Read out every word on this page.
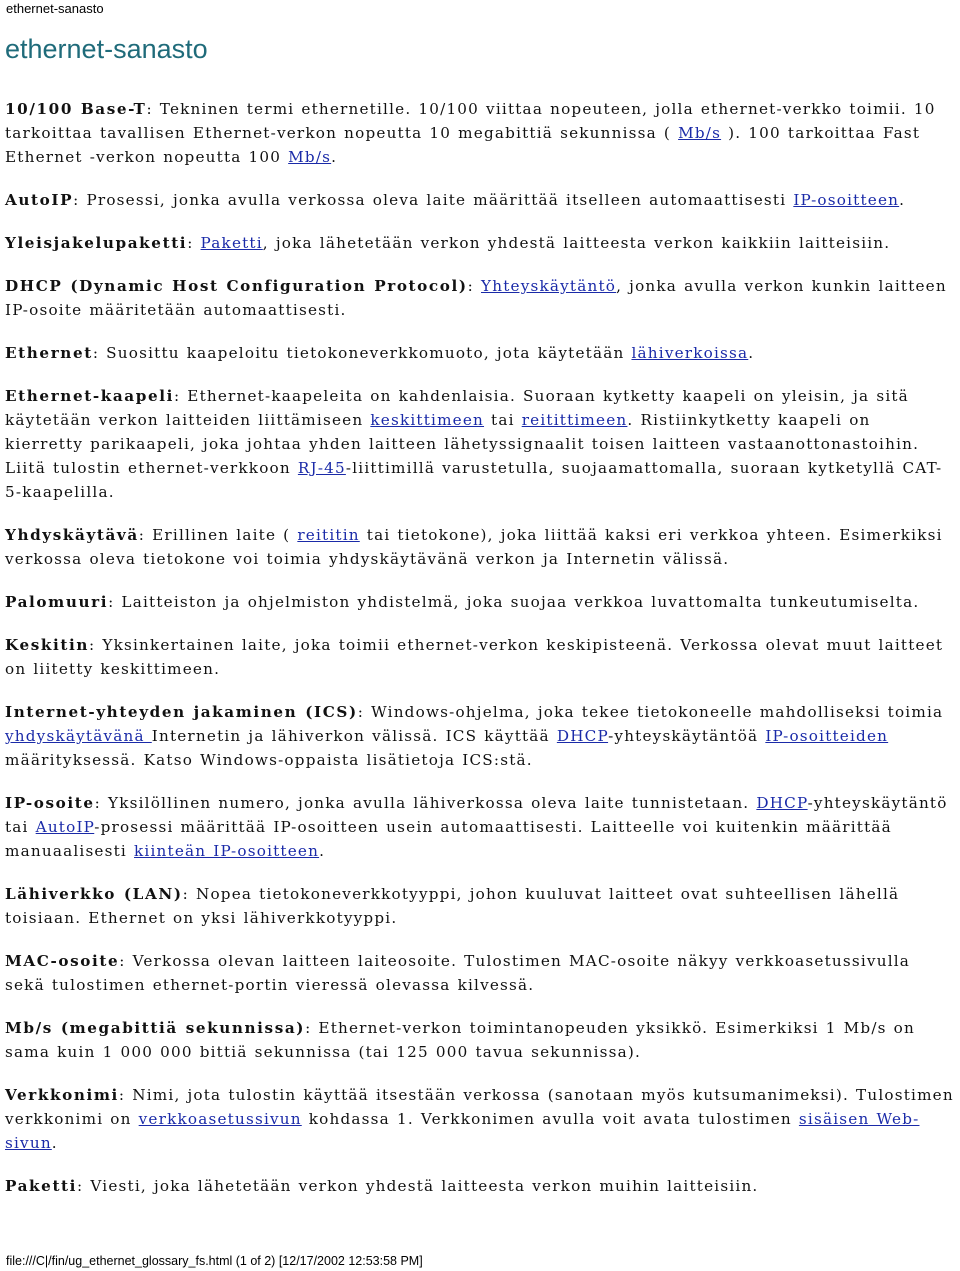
ethernet-sanasto
ethernet-sanasto

10/100 Base-T: Tekninen termi ethernetille. 10/100 viittaa nopeuteen, jolla ethernet-verkko toimii. 10 tarkoittaa tavallisen Ethernet-verkon nopeutta 10 megabittiä sekunnissa ( Mb/s ). 100 tarkoittaa Fast Ethernet -verkon nopeutta 100 Mb/s.

AutoIP: Prosessi, jonka avulla verkossa oleva laite määrittää itselleen automaattisesti IP-osoitteen.

Yleisjakelupaketti: Paketti, joka lähetetään verkon yhdestä laitteesta verkon kaikkiin laitteisiin.

DHCP (Dynamic Host Configuration Protocol): Yhteyskäytäntö, jonka avulla verkon kunkin laitteen IP-osoite määritetään automaattisesti.

Ethernet: Suosittu kaapeloitu tietokoneverkkomuoto, jota käytetään lähiverkoissa.

Ethernet-kaapeli: Ethernet-kaapeleita on kahdenlaisia. Suoraan kytketty kaapeli on yleisin, ja sitä käytetään verkon laitteiden liittämiseen keskittimeen tai reitittimeen. Ristiinkytketty kaapeli on kierretty parikaapeli, joka johtaa yhden laitteen lähetyssignaalit toisen laitteen vastaanottonastoihin. Liitä tulostin ethernet-verkkoon RJ-45-liittimillä varustetulla, suojaamattomalla, suoraan kytketyllä CAT-5-kaapelilla.

Yhdyskäytävä: Erillinen laite ( reititin tai tietokone), joka liittää kaksi eri verkkoa yhteen. Esimerkiksi verkossa oleva tietokone voi toimia yhdyskäytävänä verkon ja Internetin välissä.

Palomuuri: Laitteiston ja ohjelmiston yhdistelmä, joka suojaa verkkoa luvattomalta tunkeutumiselta.

Keskitin: Yksinkertainen laite, joka toimii ethernet-verkon keskipisteenä. Verkossa olevat muut laitteet on liitetty keskittimeen.

Internet-yhteyden jakaminen (ICS): Windows-ohjelma, joka tekee tietokoneelle mahdolliseksi toimia yhdyskäytävänä Internetin ja lähiverkon välissä. ICS käyttää DHCP-yhteyskäytäntöä IP-osoitteiden määrityksessä. Katso Windows-oppaista lisätietoja ICS:stä.

IP-osoite: Yksilöllinen numero, jonka avulla lähiverkossa oleva laite tunnistetaan. DHCP-yhteyskäytäntö tai AutoIP-prosessi määrittää IP-osoitteen usein automaattisesti. Laitteelle voi kuitenkin määrittää manuaalisesti kiinteän IP-osoitteen.

Lähiverkko (LAN): Nopea tietokoneverkkotyyppi, johon kuuluvat laitteet ovat suhteellisen lähellä toisiaan. Ethernet on yksi lähiverkkotyyppi.

MAC-osoite: Verkossa olevan laitteen laiteosoite. Tulostimen MAC-osoite näkyy verkkoasetussivulla sekä tulostimen ethernet-portin vieressä olevassa kilvessä.

Mb/s (megabittiä sekunnissa): Ethernet-verkon toimintanopeuden yksikkö. Esimerkiksi 1 Mb/s on sama kuin 1 000 000 bittiä sekunnissa (tai 125 000 tavua sekunnissa).

Verkkonimi: Nimi, jota tulostin käyttää itsestään verkossa (sanotaan myös kutsumanimeksi). Tulostimen verkkonimi on verkkoasetussivun kohdassa 1. Verkkonimen avulla voit avata tulostimen sisäisen Web-sivun.

Paketti: Viesti, joka lähetetään verkon yhdestä laitteesta verkon muihin laitteisiin.

file:///C|/fin/ug_ethernet_glossary_fs.html (1 of 2) [12/17/2002 12:53:58 PM]
